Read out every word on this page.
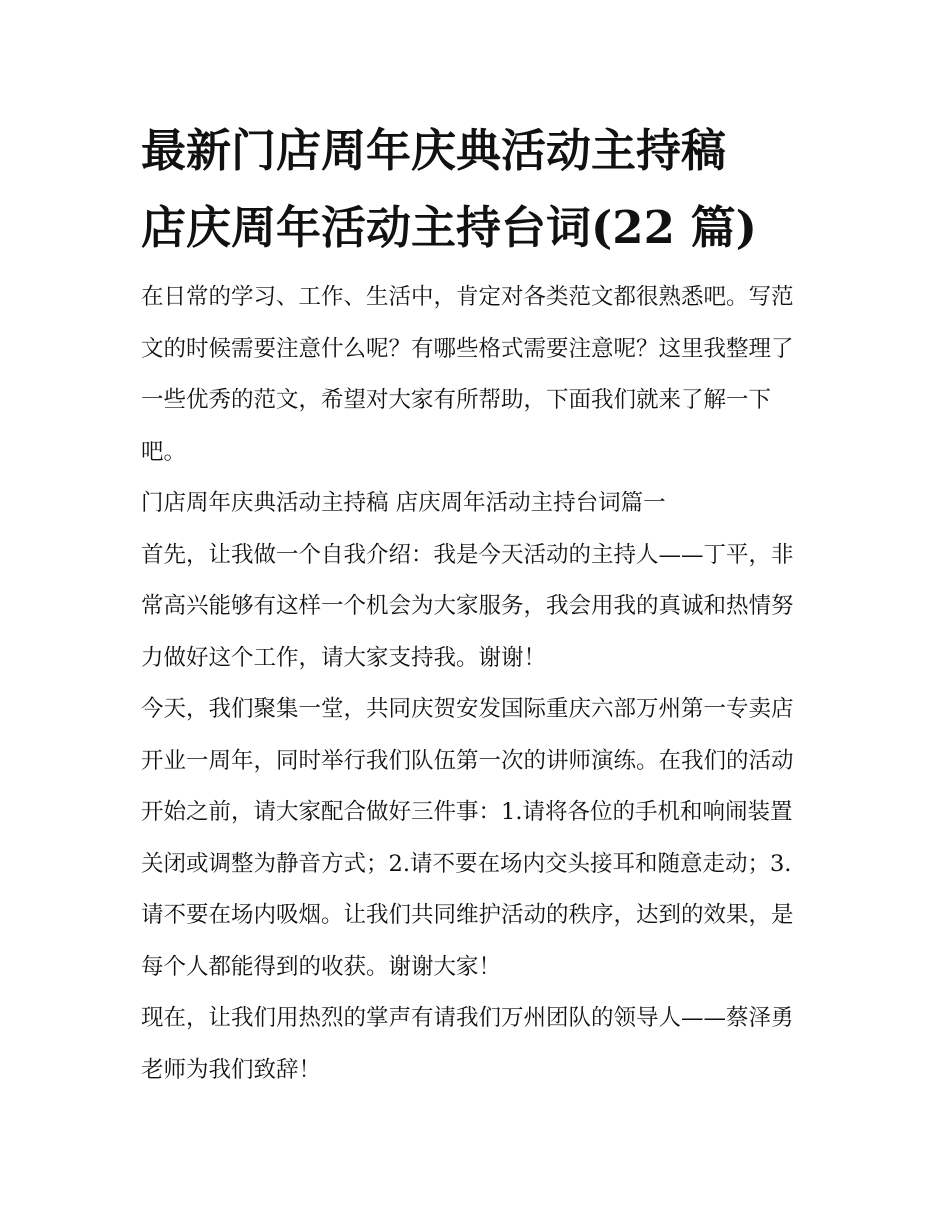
最新门店周年庆典活动主持稿
店庆周年活动主持台词(22 篇)

在日常的学习、工作、生活中，肯定对各类范文都很熟悉吧。写范文的时候需要注意什么呢？有哪些格式需要注意呢？这里我整理了一些优秀的范文，希望对大家有所帮助，下面我们就来了解一下吧。

门店周年庆典活动主持稿 店庆周年活动主持台词篇一

首先，让我做一个自我介绍：我是今天活动的主持人——丁平，非常高兴能够有这样一个机会为大家服务，我会用我的真诚和热情努力做好这个工作，请大家支持我。谢谢！

今天，我们聚集一堂，共同庆贺安发国际重庆六部万州第一专卖店开业一周年，同时举行我们队伍第一次的讲师演练。在我们的活动开始之前，请大家配合做好三件事：1.请将各位的手机和响闹装置关闭或调整为静音方式；2.请不要在场内交头接耳和随意走动；3.请不要在场内吸烟。让我们共同维护活动的秩序，达到的效果，是每个人都能得到的收获。谢谢大家！

现在，让我们用热烈的掌声有请我们万州团队的领导人——蔡泽勇老师为我们致辞！
